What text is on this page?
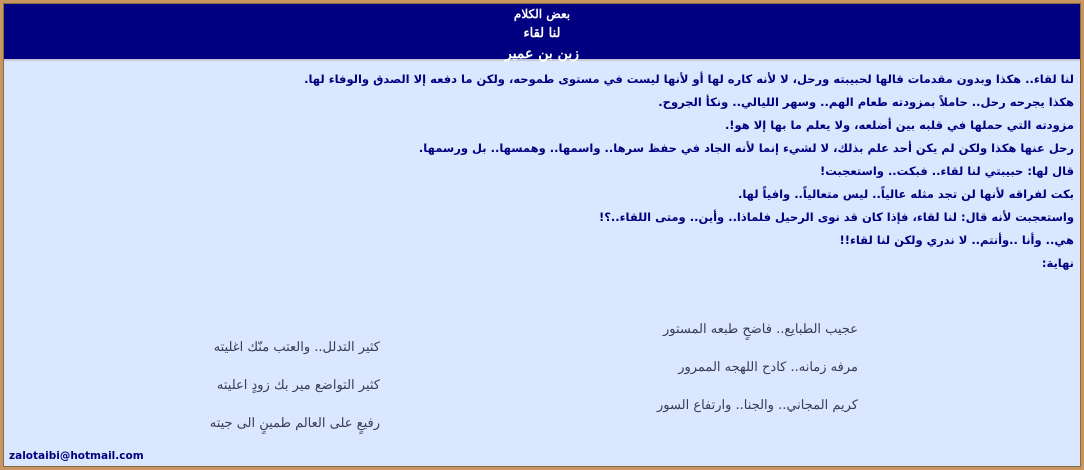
بعض الكلام
لنا لقاء
زبن بن عمير

لنا لقاء.. هكذا وبدون مقدمات قالها لحبيبته ورحل، لا لأنه كاره لها أو لأنها ليست في مستوى طموحه، ولكن ما دفعه إلا الصدق والوفاء لها.

هكذا يجرحه رحل.. حاملاً بمزودته طعام الهم.. وسهر الليالي.. ونكأ الجروح.

مزودته التي حملها في قلبه بين أضلعه، ولا يعلم ما بها إلا هو!.

رحل عنها هكذا ولكن لم يكن أحد علم بذلك، لا لشيء إنما لأنه الجاد في حفظ سرها.. واسمها.. وهمسها.. بل ورسمها.

قال لها: حبيبتي لنا لقاء.. فبكت.. واستعجبت!

بكت لفراقه لأنها لن تجد مثله عالياً.. ليس متعالياً.. وافياً لها.

واستعجبت لأنه قال: لنا لقاء، فإذا كان قد نوى الرحيل فلماذا.. وأين.. ومتى اللقاء..؟!

هي.. وأنا ..وأنتم.. لا ندري ولكن لنا لقاء!!

نهاية:

عجيب الطبايع.. فاضحٍ طبعه المستور
مرفه زمانه.. كادح اللهجه الممرور
كريم المجاني.. والجنا.. وارتفاع السور
كثير التدلل.. والعتب منّك اغليته
كثير التواضع مير بك زودٍ اعليته
رفيعٍ على العالم طمينٍ الى جيته
zalotaibi@hotmail.com
